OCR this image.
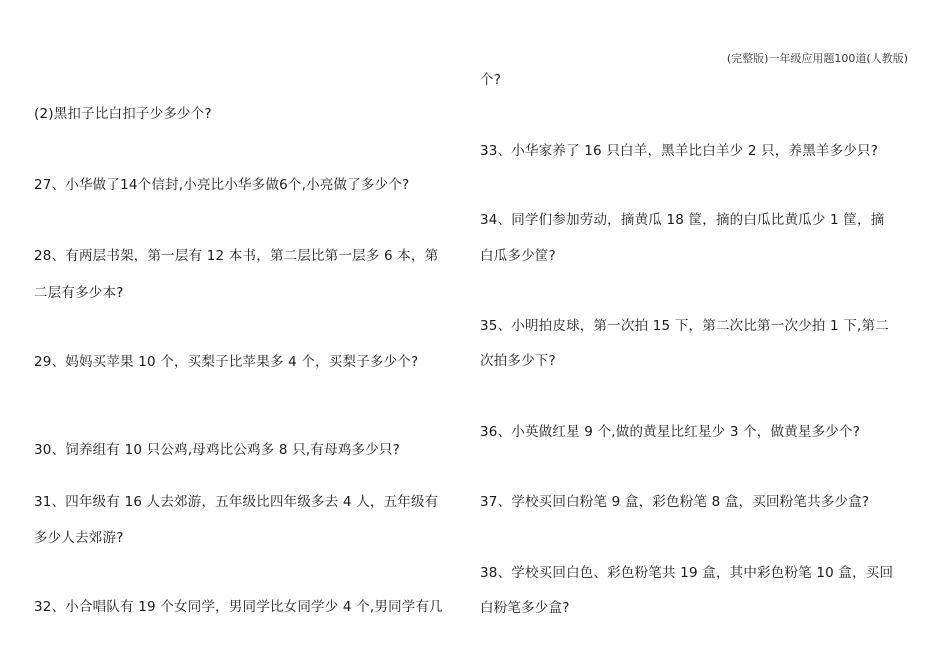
(完整版)一年级应用题100道(人教版)
(2)黑扣子比白扣子少多少个?
27、小华做了14个信封,小亮比小华多做6个,小亮做了多少个?
28、有两层书架，第一层有 12 本书，第二层比第一层多 6 本，第
二层有多少本?
29、妈妈买苹果 10 个，买梨子比苹果多 4 个，买梨子多少个?
30、饲养组有 10 只公鸡,母鸡比公鸡多 8 只,有母鸡多少只?
31、四年级有 16 人去郊游，五年级比四年级多去 4 人，五年级有
多少人去郊游?
32、小合唱队有 19 个女同学，男同学比女同学少 4 个,男同学有几
个?
33、小华家养了 16 只白羊，黑羊比白羊少 2 只，养黑羊多少只?
34、同学们参加劳动，摘黄瓜 18 筐，摘的白瓜比黄瓜少 1 筐，摘
白瓜多少筐?
35、小明拍皮球，第一次拍 15 下，第二次比第一次少拍 1 下,第二
次拍多少下?
36、小英做红星 9 个,做的黄星比红星少 3 个，做黄星多少个?
37、学校买回白粉笔 9 盒，彩色粉笔 8 盒，买回粉笔共多少盒?
38、学校买回白色、彩色粉笔共 19 盒，其中彩色粉笔 10 盒，买回
白粉笔多少盒?
